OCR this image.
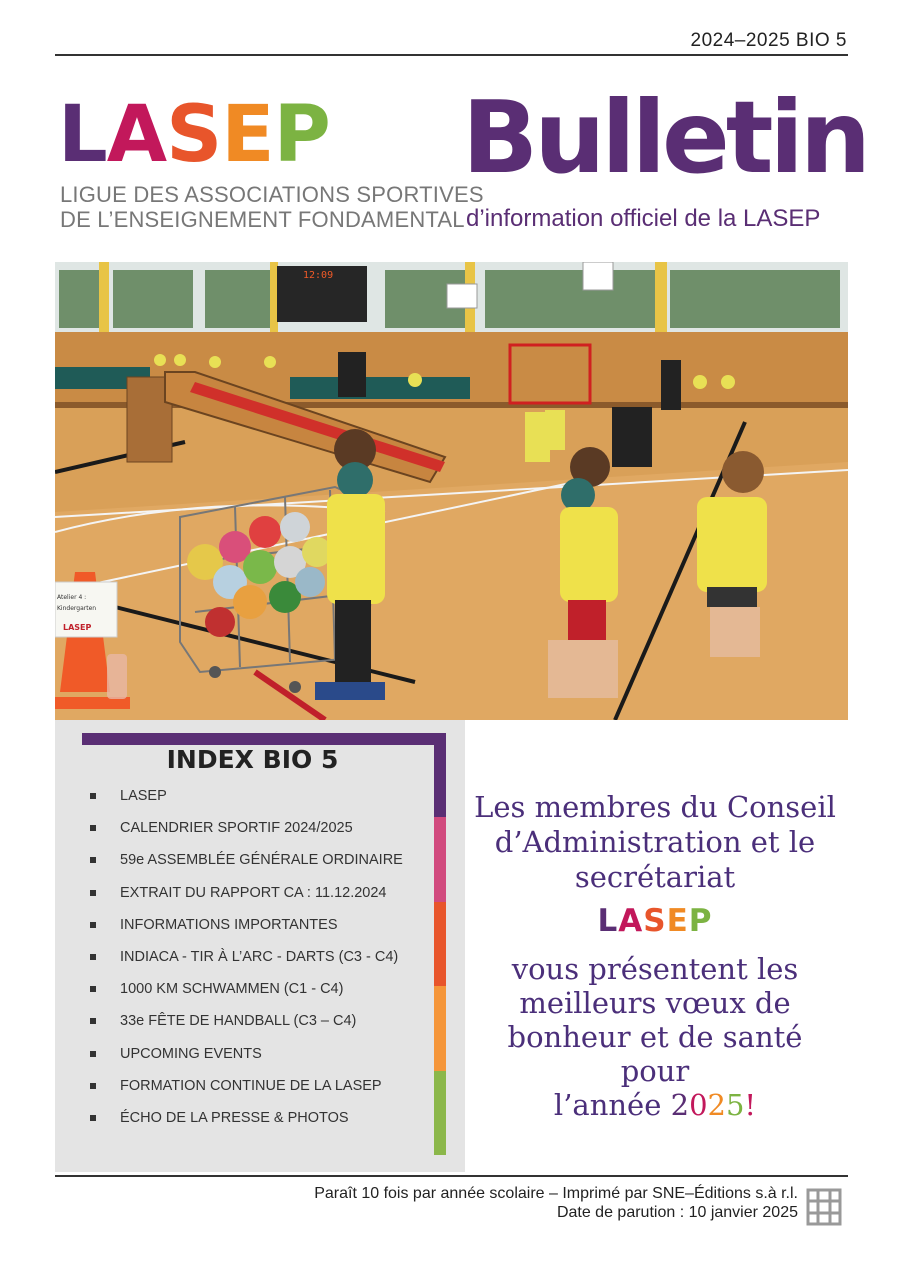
2024–2025 BIO 5
LASEP
LIGUE DES ASSOCIATIONS SPORTIVES
DE L’ENSEIGNEMENT FONDAMENTAL
Bulletin
d’information officiel de la LASEP
12:09
Atelier 4 :
Kindergarten
LASEP
INDEX BIO 5
LASEP
CALENDRIER SPORTIF 2024/2025
59e ASSEMBLÉE GÉNÉRALE ORDINAIRE
EXTRAIT DU RAPPORT CA : 11.12.2024
INFORMATIONS IMPORTANTES
INDIACA - TIR À L’ARC - DARTS (C3 - C4)
1000 KM SCHWAMMEN (C1 - C4)
33e FÊTE DE HANDBALL (C3 – C4)
UPCOMING EVENTS
FORMATION CONTINUE DE LA LASEP
ÉCHO DE LA PRESSE & PHOTOS
Les membres du Conseil
d’Administration et le
secrétariat
LASEP
vous présentent les
meilleurs vœux de
bonheur et de santé pour
l’année 2025!
Paraît 10 fois par année scolaire – Imprimé par SNE–Éditions s.à r.l.
Date de parution : 10 janvier 2025
